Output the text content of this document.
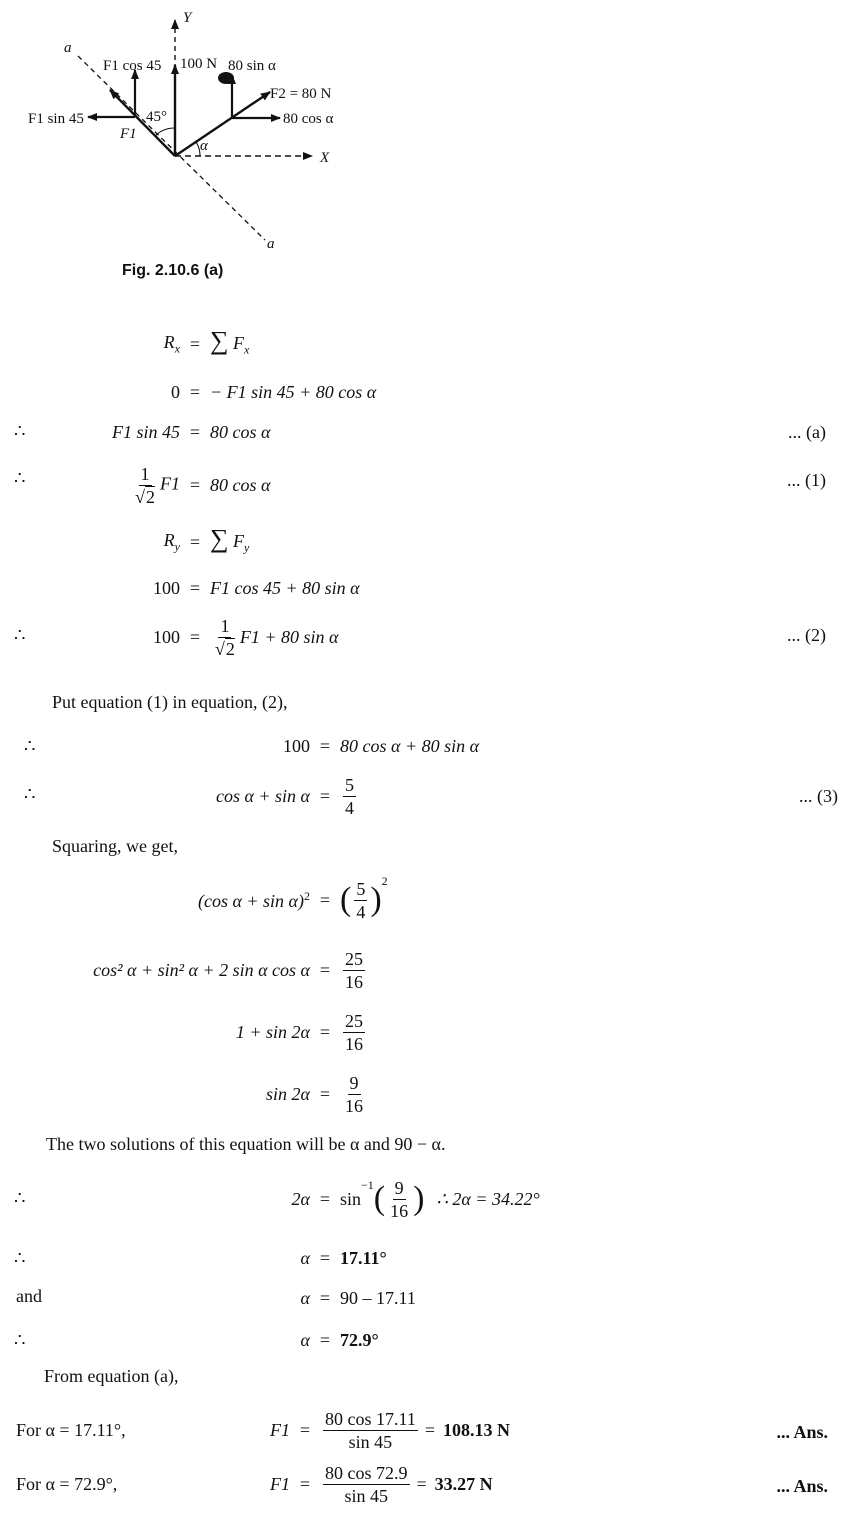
Y
X
a
a
F1 cos 45 100 N 80 sin α
F2 = 80 N
80 cos α
F1 sin 45
F1
45°
α
Fig. 2.10.6 (a)
$R_x$ = ∑ $F_x$
0 = − F1 sin 45 + 80 cos α
∴	F1 sin 45 = 80 cos α	... (a)
∴	$\frac{1}{√2} F1 = 80$ cos α	... (1)
$R_y$ = ∑ $F_y$
100 = F1 cos 45 + 80 sin α
∴	$100 = \frac{1}{√2} F1 + 80$ sin α	... (2)
Put equation (1) in equation, (2),
∴	100 = 80 cos α + 80 sin α
∴	$\cos \alpha + \sin \alpha = \frac{5}{4}$	... (3)
Squaring, we get,
(cos α + sin α)$^2$ = ( $\frac{5}{4} )^2$
cos² α + sin² α + 2 sin α $\cos \alpha = \frac{25}{16}$
$1 + \sin 2\alpha = \frac{25}{16}$
$\sin 2\alpha = \frac{9}{16}$
The two solutions of this equation will be α and 90 − α.
∴	2α = sin
$^{-1}$ ( $\frac{9}{16}$ ) ∴ 2α = 34.22°
∴	α = 17.11°
and	α = 90 – 17.11
∴	α = 72.9°
From equation (a),
For α = 17.11°,	$F1 = \frac{80 \cos 17.11}{\sin 45} = 108.13$ N	... Ans.
For α = 72.9°,	$F1 = \frac{80 \cos 72.9}{\sin 45} = 33.27$ N	... Ans.
